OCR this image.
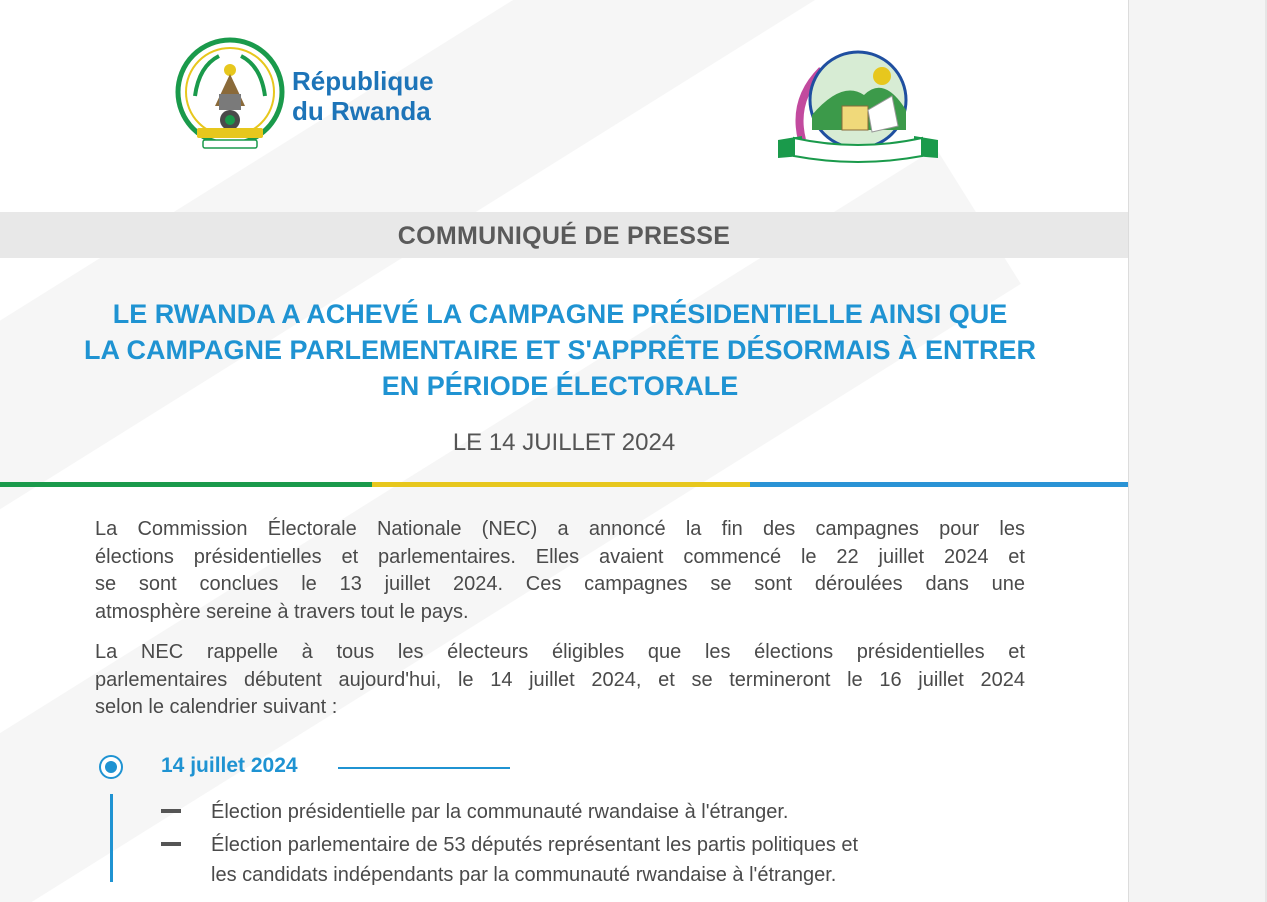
République
du Rwanda
COMMUNIQUÉ DE PRESSE
LE RWANDA A ACHEVÉ LA CAMPAGNE PRÉSIDENTIELLE AINSI QUE
LA CAMPAGNE PARLEMENTAIRE ET S'APPRÊTE DÉSORMAIS À ENTRER
EN PÉRIODE ÉLECTORALE
LE 14 JUILLET 2024
La Commission Électorale Nationale (NEC) a annoncé la fin des campagnes pour les
élections présidentielles et parlementaires. Elles avaient commencé le 22 juillet 2024 et
se sont conclues le 13 juillet 2024. Ces campagnes se sont déroulées dans une
atmosphère sereine à travers tout le pays.
La NEC rappelle à tous les électeurs éligibles que les élections présidentielles et
parlementaires débutent aujourd'hui, le 14 juillet 2024, et se termineront le 16 juillet 2024
selon le calendrier suivant :
14 juillet 2024
Élection présidentielle par la communauté rwandaise à l'étranger.
Élection parlementaire de 53 députés représentant les partis politiques et
les candidats indépendants par la communauté rwandaise à l'étranger.
